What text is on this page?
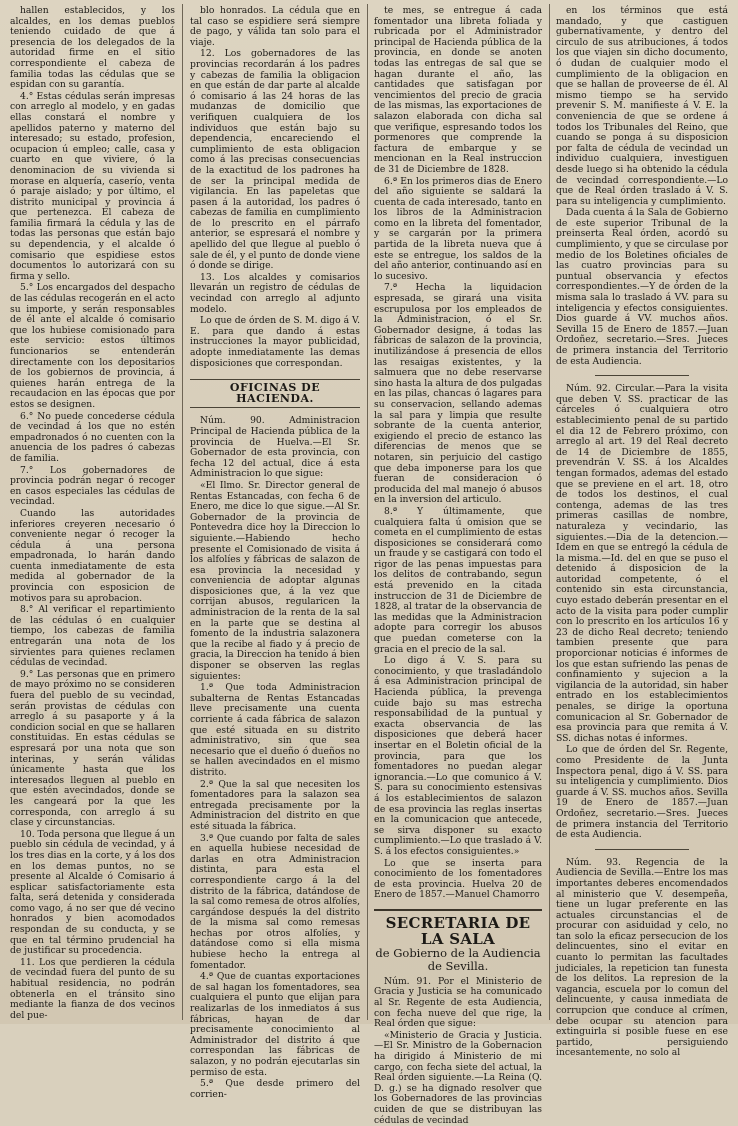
hallen establecidos, y los alcaldes, en los demas pueblos teniendo cuidado de que á presencia de los delegados de la autoridad firme en el sitio correspondiente el cabeza de familia todas las cédulas que se espidan con su garantía.

4.° Estas cédulas serán impresas con arreglo al modelo, y en gadas ellas constará el nombre y apellidos paterno y materno del interesado; su estado, profesion, ocupacion ú empleo; calle, casa y cuarto en que viviere, ó la denominacion de su vivienda si morase en alquería, caserío, venta ó paraje aislado; y por último, el distrito municipal y provincia á que pertenezca. El cabeza de familia firmará la cédula y las de todas las personas que están bajo su dependencia, y el alcalde ó comisario que espidiese estos documentos lo autorizará con su firma y sello.

5.° Los encargados del despacho de las cédulas recogerán en el acto su importe, y serán responsables de él ante el alcalde ó comisario que los hubiese comisionado para este servicio: estos últimos funcionarios se entenderán directamente con los depositarios de los gobiernos de provincia, á quienes harán entrega de la recaudacion en las épocas que por estos se designen.

6.° No puede concederse cédula de vecindad á los que no estén empadronados ó no cuenten con la anuencia de los padres ó cabezas de familia.

7.° Los gobernadores de provincia podrán negar ó recoger en casos especiales las cédulas de vecindad.

Cuando las autoridades inferiores creyeren necesario ó conveniente negar ó recoger la cédula á una persona empadronada, lo harán dando cuenta inmediatamente de esta medida al gobernador de la provincia con esposicion de motivos para su aprobacion.

8.° Al verificar el repartimiento de las cédulas ó en cualquier tiempo, los cabezas de familia entregarán una nota de los sirvientes para quienes reclamen cédulas de vecindad.

9.° Las personas que en primero de mayo próximo no se consideren fuera del pueblo de su vecindad, serán provistas de cédulas con arreglo á su pasaporte y á la condicion social en que se hallaren constituidas. En estas cédulas se espresará por una nota que son interinas, y serán válidas únicamente hasta que los interesados lleguen al pueblo en que estén avecindados, donde se les cangeará por la que les corresponda, con arreglo á su clase y circunstancias.

10. Toda persona que llegue á un pueblo sin cédula de vecindad, y á los tres dias en la corte, y á los dos en los demas puntos, no se presente al Alcalde ó Comisario á esplicar satisfactoriamente esta falta, será detenida y considerada como vago, á no ser que dé vecino honrados y bien acomodados respondan de su conducta, y se que en tal término prudencial ha de justificar su procedencia.

11. Los que perdieren la cédula de vecindad fuera del punto de su habitual residencia, no podrán obtenerla en el tránsito sino mediante la fianza de dos vecinos del pue-

blo honrados. La cédula que en tal caso se espidiere será siempre de pago, y válida tan solo para el viaje.

12. Los gobernadores de las provincias recordarán á los padres y cabezas de familia la obligacion en que están de dar parte al alcalde ó comisario á las 24 horas de las mudanzas de domicilio que verifiquen cualquiera de los individuos que están bajo su dependencia, encareciendo el cumplimiento de esta obligacion como á las precisas consecuencias de la exactitud de los padrones ha de ser la principal medida de vigilancia. En las papeletas que pasen á la autoridad, los padres ó cabezas de familia en cumplimiento de lo prescrito en el párrafo anterior, se espresará el nombre y apellido del que llegue al pueblo ó sale de él, y el punto de donde viene ó donde se dirige.

13. Los alcaldes y comisarios llevarán un registro de cédulas de vecindad con arreglo al adjunto modelo.

Lo que de órden de S. M. digo á V. E. para que dando á estas instrucciones la mayor publicidad, adopte inmediatamente las demas disposiciones que correspondan.

OFICINAS DE HACIENDA.

Núm. 90. Administracion Principal de Hacienda pública de la provincia de Huelva.—El Sr. Gobernador de esta provincia, con fecha 12 del actual, dice á esta Administracion lo que sigue:

«El Ilmo. Sr. Director general de Rentas Estancadas, con fecha 6 de Enero, me dice lo que sigue.—Al Sr. Gobernador de la provincia de Pontevedra dice hoy la Direccion lo siguiente.—Habiendo hecho presente el Comisionado de visita á los alfolíes y fábricas de salazon de esa provincia la necesidad y conveniencia de adoptar algunas disposiciones que, á la vez que corrijan abusos, regularicen la administracion de la renta de la sal en la parte que se destina al fomento de la industria salazonera que la recibe al fiado y á precio de gracia, la Direccion ha tenido á bien disponer se observen las reglas siguientes:

1.ª Que toda Administracion subalterna de Rentas Estancadas lleve precisamente una cuenta corriente á cada fábrica de salazon que esté situada en su distrito administrativo, sin que sea necesario que el dueño ó dueños no se hallen avecindados en el mismo distrito.

2.ª Que la sal que necesiten los fomentadores para la salazon sea entregada precisamente por la Administracion del distrito en que esté situada la fábrica.

3.ª Que cuando por falta de sales en aquella hubiese necesidad de darlas en otra Administracion distinta, para esta el correspondiente cargo á la del distrito de la fábrica, datándose de la sal como remesa de otros alfolíes, cargándose después la del distrito de la misma sal como remesas hechas por otros alfolíes, y datándose como si ella misma hubiese hecho la entrega al fomentador.

4.ª Que de cuantas exportaciones de sal hagan los fomentadores, sea cualquiera el punto que elijan para realizarlas de los inmediatos á sus fábricas, hayan de dar precisamente conocimiento al Administrador del distrito á que correspondan las fábricas de salazon, y no podrán ejecutarlas sin permiso de esta.

5.ª Que desde primero del corrien-

te mes, se entregue á cada fomentador una libreta foliada y rubricada por el Administrador principal de Hacienda pública de la provincia, en donde se anoten todas las entregas de sal que se hagan durante el año, las cantidades que satisfagan por vencimientos del precio de gracia de las mismas, las exportaciones de salazon elaborada con dicha sal que verifique, espresando todos los pormenores que comprende la factura de embarque y se mencionan en la Real instruccion de 31 de Diciembre de 1828.

6.ª En los primeros dias de Enero del año siguiente se saldará la cuenta de cada interesado, tanto en los libros de la Administracion como en la libreta del fomentador, y se cargarán por la primera partida de la libreta nueva que á este se entregue, los saldos de la del año anterior, continuando así en lo sucesivo.

7.ª Hecha la liquidacion espresada, se girará una visita escrupulosa por los empleados de la Administracion, ó el Sr. Gobernador designe, á todas las fábricas de salazon de la provincia, inutilizándose á presencia de ellos las resaigas existentes, y la salmuera que no debe reservarse sino hasta la altura de dos pulgadas en las pilas, chancas ó lagares para su conservacion, sellando ademas la sal para y limpia que resulte sobrante de la cuenta anterior, exigiendo el precio de estanco las diferencias de menos que se notaren, sin perjuicio del castigo que deba imponerse para los que fueran de consideracion ó producida del mal manejo ó abusos en la inversion del articulo.

8.ª Y últimamente, que cualquiera falta ú omision que se cometa en el cumplimiento de estas disposiciones se considerará como un fraude y se castigará con todo el rigor de las penas impuestas para los delitos de contrabando, segun está prevenido en la citada instruccion de 31 de Diciembre de 1828, al tratar de la observancia de las medidas que la Administracion adopte para corregir los abusos que puedan cometerse con la gracia en el precio de la sal.

Lo digo á V. S. para su conocimiento, y que trasladándolo á esa Administracion principal de Hacienda pública, la prevenga cuide bajo su mas estrecha responsabilidad de la puntual y exacta observancia de las disposiciones que deberá hacer insertar en el Boletin oficial de la provincia, para que los fomentadores no puedan alegar ignorancia.—Lo que comunico á V. S. para su conocimiento estensivas á los establecimientos de salazon de esa provincia las reglas insertas en la comunicacion que antecede, se sirva disponer su exacto cumplimiento.—Lo que traslado á V. S. á los efectos consiguientes.»

Lo que se inserta para conocimiento de los fomentadores de esta provincia. Huelva 20 de Enero de 1857.—Manuel Chamorro

SECRETARIA DE LA SALA
de Gobierno de la Audiencia de Sevilla.

Núm. 91. Por el Ministerio de Gracia y Justicia se ha comunicado al Sr. Regente de esta Audiencia, con fecha nueve del que rige, la Real órden que sigue:

«Ministerio de Gracia y Justicia.—El Sr. Ministro de la Gobernacion ha dirigido á Ministerio de mi cargo, con fecha siete del actual, la Real órden siguiente.—La Reina (Q. D. g.) se ha dignado resolver que los Gobernadores de las provincias cuiden de que se distribuyan las cédulas de vecindad

en los términos que está mandado, y que castiguen gubernativamente, y dentro del circulo de sus atribuciones, á todos los que viajen sin dicho documento, ó dudan de cualquier modo el cumplimiento de la obligacion en que se hallan de proveerse de él. Al mismo tiempo se ha servido prevenir S. M. manifieste á V. E. la conveniencia de que se ordene á todos los Tribunales del Reino, que cuando se ponga á su disposicion por falta de cédula de vecindad un individuo cualquiera, investiguen desde luego si ha obtenido la cédula de vecindad correspondiente.—Lo que de Real órden traslado á V. S. para su inteligencia y cumplimiento.

Dada cuenta á la Sala de Gobierno de este superior Tribunal de la preinserta Real órden, acordó su cumplimiento, y que se circulase por medio de los Boletines oficiales de las cuatro provincias para su puntual observancia y efectos correspondientes.—Y de órden de la misma sala lo traslado á VV. para su inteligencia y efectos consiguientes. Dios guarde á VV. muchos años. Sevilla 15 de Enero de 1857.—Juan Ordoñez, secretario.—Sres. Jueces de primera instancia del Territorio de esta Audiencia.

Núm. 92. Circular.—Para la visita que deben V. SS. practicar de las cárceles ó cualquiera otro establecimiento penal de su partido el dia 12 de Febrero próximo, con arreglo al art. 19 del Real decreto de 14 de Diciembre de 1855, prevendrán V. SS. á los Alcaldes tengan formados, ademas del estado que se previene en el art. 18, otro de todos los destinos, el cual contenga, ademas de las tres primeras casillas de nombre, naturaleza y vecindario, las siguientes.—Dia de la detencion.—Idem en que se entregó la cédula de la misma.—Id. del en que se puso el detenido á disposicion de la autoridad competente, ó el contenido sin esta circunstancia, cuyo estado deberán presentar en el acto de la visita para poder cumplir con lo prescrito en los artículos 16 y 23 de dicho Real decreto; teniendo tambien presente que para proporcionar noticias é informes de los que estan sufriendo las penas de confinamiento y sujecion a la vigilancia de la autoridad, sin haber entrado en los establecimientos penales, se dirige la oportuna comunicacion al Sr. Gobernador de esa provincia para que remita á V. SS. dichas notas é informes.

Lo que de órden del Sr. Regente, como Presidente de la Junta Inspectora penal, digo á V. SS. para su inteligencia y cumplimiento. Dios guarde á V. SS. muchos años. Sevilla 19 de Enero de 1857.—Juan Ordoñez, secretario.—Sres. Jueces de primera instancia del Territorio de esta Audiencia.

Núm. 93. Regencia de la Audiencia de Sevilla.—Entre los mas importantes deberes encomendados al ministerio que V. desempeña, tiene un lugar preferente en las actuales circunstancias el de procurar con asiduidad y celo, no tan solo la eficaz persecucion de los delincuentes, sino el evitar en cuanto lo permitan las facultades judiciales, la repeticion tan funesta de los delitos. La represion de la vagancia, escuela por lo comun del delincuente, y causa inmediata de corrupcion que conduce al crímen, debe ocupar su atencion para extinguirla si posible fuese en ese partido, persiguiendo incesantemente, no solo al
